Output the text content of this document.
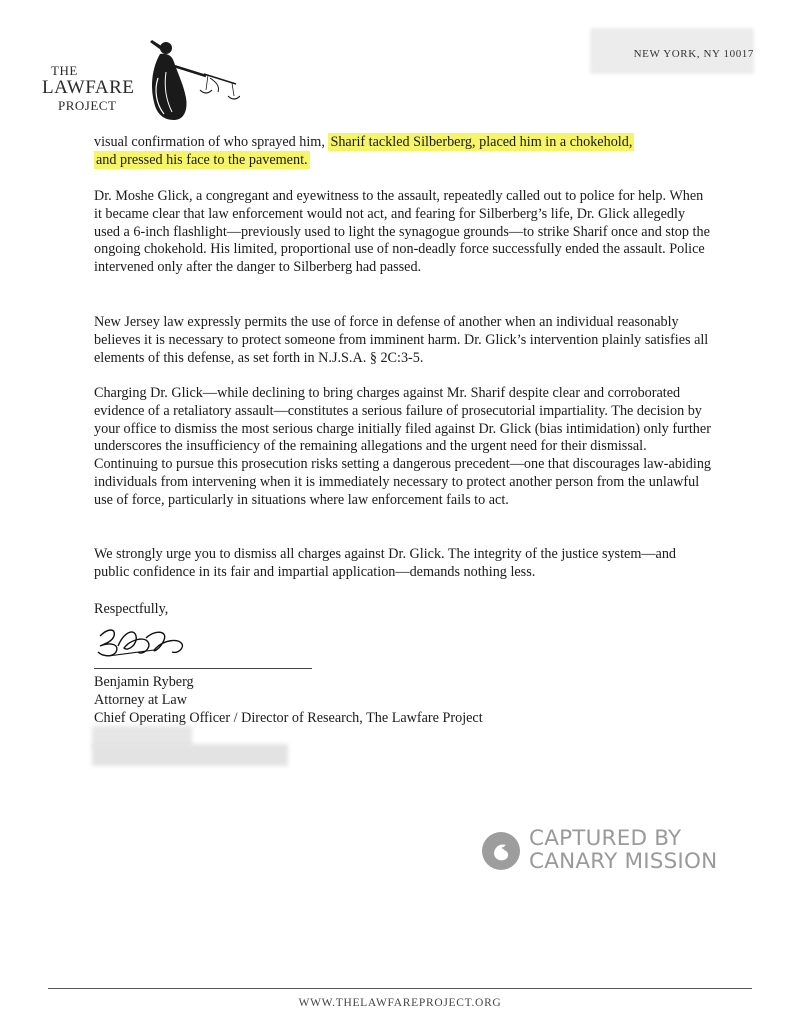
THE
LAWFARE
PROJECT
NEW YORK, NY 10017

visual confirmation of who sprayed him, Sharif tackled Silberberg, placed him in a chokehold,
and pressed his face to the pavement.

Dr. Moshe Glick, a congregant and eyewitness to the assault, repeatedly called out to police for help. When it became clear that law enforcement would not act, and fearing for Silberberg’s life, Dr. Glick allegedly used a 6-inch flashlight—previously used to light the synagogue grounds—to strike Sharif once and stop the ongoing chokehold. His limited, proportional use of non-deadly force successfully ended the assault. Police intervened only after the danger to Silberberg had passed.

New Jersey law expressly permits the use of force in defense of another when an individual reasonably believes it is necessary to protect someone from imminent harm. Dr. Glick’s intervention plainly satisfies all elements of this defense, as set forth in N.J.S.A. § 2C:3-5.

Charging Dr. Glick—while declining to bring charges against Mr. Sharif despite clear and corroborated evidence of a retaliatory assault—constitutes a serious failure of prosecutorial impartiality. The decision by your office to dismiss the most serious charge initially filed against Dr. Glick (bias intimidation) only further underscores the insufficiency of the remaining allegations and the urgent need for their dismissal. Continuing to pursue this prosecution risks setting a dangerous precedent—one that discourages law-abiding individuals from intervening when it is immediately necessary to protect another person from the unlawful use of force, particularly in situations where law enforcement fails to act.

We strongly urge you to dismiss all charges against Dr. Glick. The integrity of the justice system—and public confidence in its fair and impartial application—demands nothing less.

Respectfully,

Benjamin Ryberg
Attorney at Law
Chief Operating Officer / Director of Research, The Lawfare Project
CAPTURED BY
CANARY MISSION
WWW.THELAWFAREPROJECT.ORG
